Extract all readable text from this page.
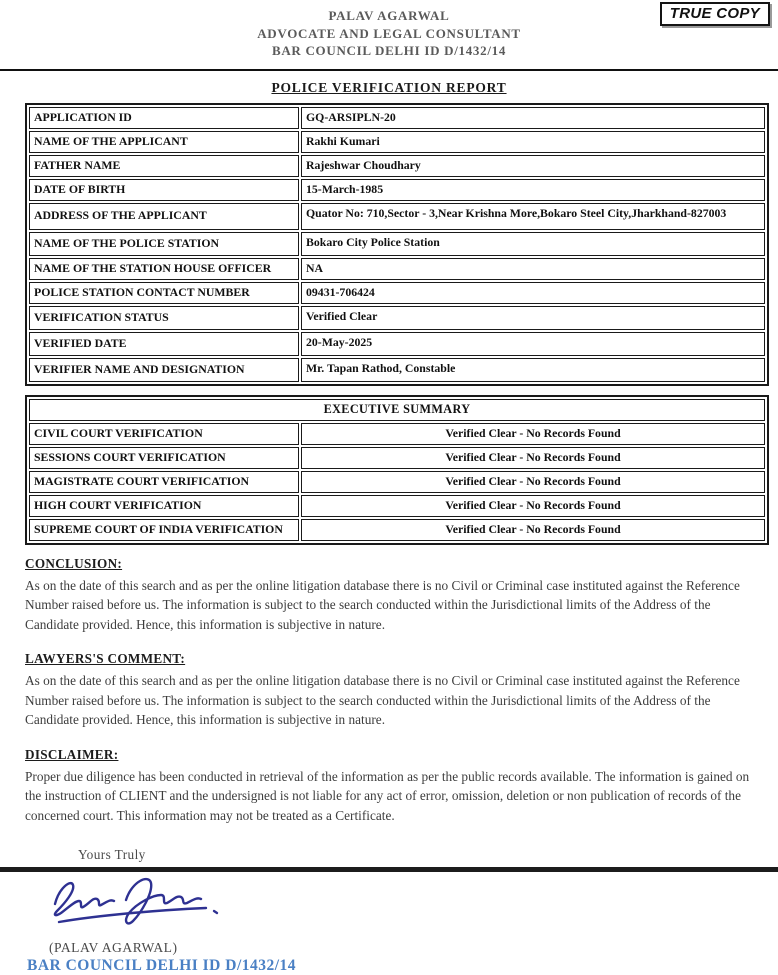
PALAV AGARWAL
ADVOCATE AND LEGAL CONSULTANT
BAR COUNCIL DELHI ID D/1432/14
TRUE COPY
POLICE VERIFICATION REPORT
APPLICATION ID	GQ-ARSIPLN-20
NAME OF THE APPLICANT	Rakhi Kumari
FATHER NAME	Rajeshwar Choudhary
DATE OF BIRTH	15-March-1985
ADDRESS OF THE APPLICANT	Quator No: 710,Sector - 3,Near Krishna More,Bokaro Steel City,Jharkhand-827003
NAME OF THE POLICE STATION	Bokaro City Police Station
NAME OF THE STATION HOUSE OFFICER	NA
POLICE STATION CONTACT NUMBER	09431-706424
VERIFICATION STATUS	Verified Clear
VERIFIED DATE	20-May-2025
VERIFIER NAME AND DESIGNATION	Mr. Tapan Rathod, Constable
EXECUTIVE SUMMARY	
CIVIL COURT VERIFICATION	Verified Clear - No Records Found
SESSIONS COURT VERIFICATION	Verified Clear - No Records Found
MAGISTRATE COURT VERIFICATION	Verified Clear - No Records Found
HIGH COURT VERIFICATION	Verified Clear - No Records Found
SUPREME COURT OF INDIA VERIFICATION	Verified Clear - No Records Found
CONCLUSION:
As on the date of this search and as per the online litigation database there is no Civil or Criminal case instituted against the Reference Number raised before us. The information is subject to the search conducted within the Jurisdictional limits of the Address of the Candidate provided. Hence, this information is subjective in nature.
LAWYERS'S COMMENT:
As on the date of this search and as per the online litigation database there is no Civil or Criminal case instituted against the Reference Number raised before us. The information is subject to the search conducted within the Jurisdictional limits of the Address of the Candidate provided. Hence, this information is subjective in nature.
DISCLAIMER:
Proper due diligence has been conducted in retrieval of the information as per the public records available. The information is gained on the instruction of CLIENT and the undersigned is not liable for any act of error, omission, deletion or non publication of records of the concerned court. This information may not be treated as a Certificate.
Yours Truly
(PALAV AGARWAL)
BAR COUNCIL DELHI ID D/1432/14
